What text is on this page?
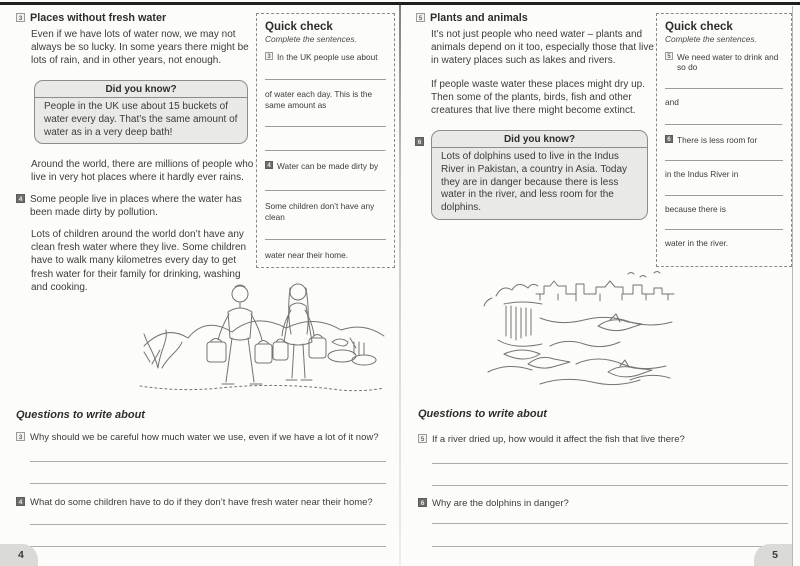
3 Places without fresh water
Even if we have lots of water now, we may not always be so lucky. In some years there might be lots of rain, and in other years, not enough.
Did you know?
People in the UK use about 15 buckets of water every day. That’s the same amount of water as in a very deep bath!
Around the world, there are millions of people who live in very hot places where it hardly ever rains.
4 Some people live in places where the water has been made dirty by pollution.
Lots of children around the world don’t have any clean fresh water where they live. Some children have to walk many kilometres every day to get fresh water for their family for drinking, washing and cooking.
Quick check
Complete the sentences.
3 In the UK people use about
of water each day. This is the same amount as
.
4 Water can be made dirty by
.
Some children don’t have any clean
water near their home.
Questions to write about
3 Why should we be careful how much water we use, even if we have a lot of it now?
4 What do some children have to do if they don’t have fresh water near their home?
4
5 Plants and animals
It’s not just people who need water – plants and animals depend on it too, especially those that live in watery places such as lakes and rivers.
If people waste water these places might dry up. Then some of the plants, birds, fish and other creatures that live there might become extinct.
6	Did you know?
Lots of dolphins used to live in the Indus River in Pakistan, a country in Asia. Today they are in danger because there is less water in the river, and less room for the dolphins.
Quick check
Complete the sentences.
5 We need water to drink and so do
and
.
6 There is less room for
in the Indus River in
because there is
water in the river.
Questions to write about
5 If a river dried up, how would it affect the fish that live there?
6 Why are the dolphins in danger?
5
